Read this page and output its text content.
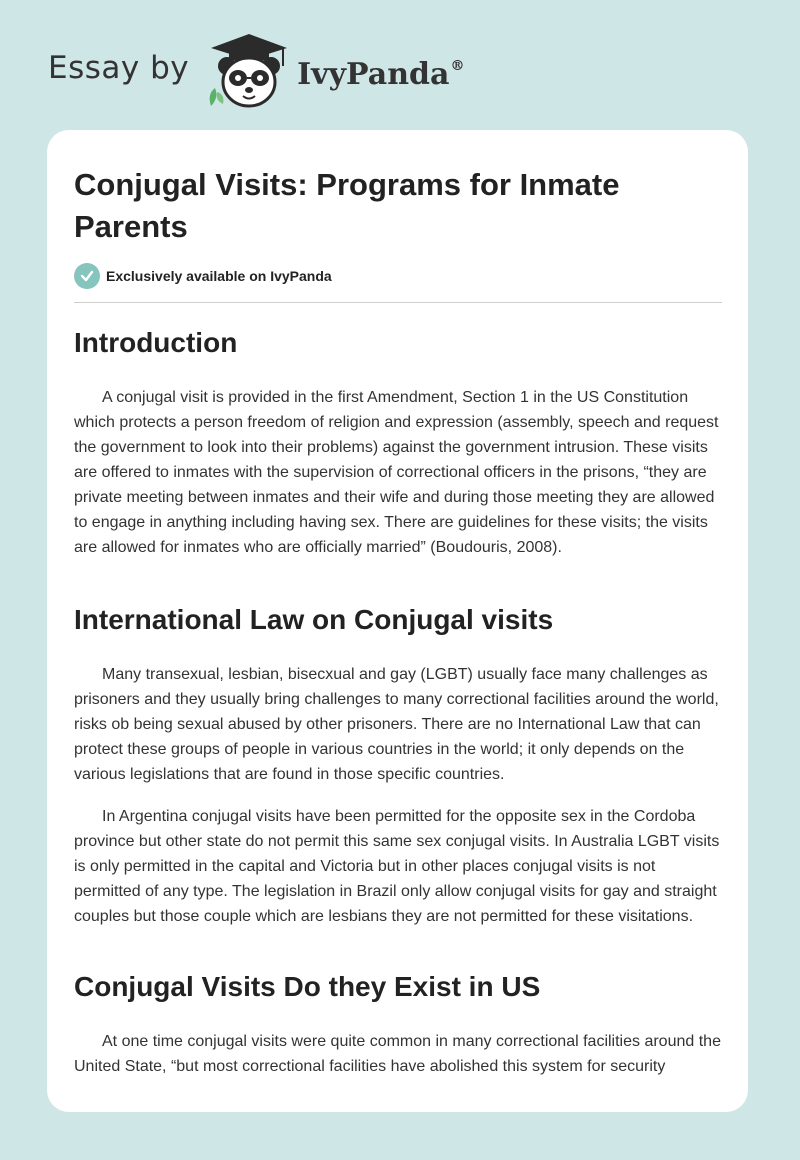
Essay by	IvyPanda®
Conjugal Visits: Programs for Inmate Parents
Exclusively available on IvyPanda
Introduction

A conjugal visit is provided in the first Amendment, Section 1 in the US Constitution which protects a person freedom of religion and expression (assembly, speech and request the government to look into their problems) against the government intrusion. These visits are offered to inmates with the supervision of correctional officers in the prisons, “they are private meeting between inmates and their wife and during those meeting they are allowed to engage in anything including having sex. There are guidelines for these visits; the visits are allowed for inmates who are officially married” (Boudouris, 2008).

International Law on Conjugal visits

Many transexual, lesbian, bisecxual and gay (LGBT) usually face many challenges as prisoners and they usually bring challenges to many correctional facilities around the world, risks ob being sexual abused by other prisoners. There are no International Law that can protect these groups of people in various countries in the world; it only depends on the various legislations that are found in those specific countries.

In Argentina conjugal visits have been permitted for the opposite sex in the Cordoba province but other state do not permit this same sex conjugal visits. In Australia LGBT visits is only permitted in the capital and Victoria but in other places conjugal visits is not permitted of any type. The legislation in Brazil only allow conjugal visits for gay and straight couples but those couple which are lesbians they are not permitted for these visitations.

Conjugal Visits Do they Exist in US

At one time conjugal visits were quite common in many correctional facilities around the United State, “but most correctional facilities have abolished this system for security
